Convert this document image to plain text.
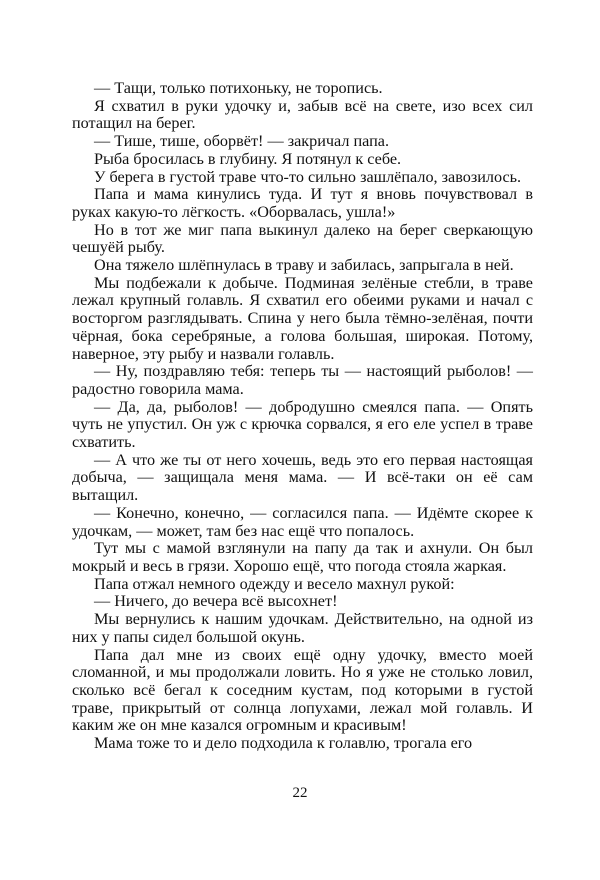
— Тащи, только потихоньку, не торопись.

Я схватил в руки удочку и, забыв всё на свете, изо всех сил потащил на берег.

— Тише, тише, оборвёт! — закричал папа.

Рыба бросилась в глубину. Я потянул к себе.

У берега в густой траве что-то сильно зашлёпало, завозилось.

Папа и мама кинулись туда. И тут я вновь почувствовал в руках какую-то лёгкость. «Оборвалась, ушла!»

Но в тот же миг папа выкинул далеко на берег сверкающую чешуёй рыбу.

Она тяжело шлёпнулась в траву и забилась, запрыгала в ней.

Мы подбежали к добыче. Подминая зелёные стебли, в траве лежал крупный голавль. Я схватил его обеими руками и начал с восторгом разглядывать. Спина у него была тёмно-зелёная, почти чёрная, бока серебряные, а голова большая, широкая. Потому, наверное, эту рыбу и назвали голавль.

— Ну, поздравляю тебя: теперь ты — настоящий рыболов! — радостно говорила мама.

— Да, да, рыболов! — добродушно смеялся папа. — Опять чуть не упустил. Он уж с крючка сорвался, я его еле успел в траве схватить.

— А что же ты от него хочешь, ведь это его первая настоящая добыча, — защищала меня мама. — И всё-таки он её сам вытащил.

— Конечно, конечно, — согласился папа. — Идёмте скорее к удочкам, — может, там без нас ещё что попалось.

Тут мы с мамой взглянули на папу да так и ахнули. Он был мокрый и весь в грязи. Хорошо ещё, что погода стояла жаркая.

Папа отжал немного одежду и весело махнул рукой:

— Ничего, до вечера всё высохнет!

Мы вернулись к нашим удочкам. Действительно, на одной из них у папы сидел большой окунь.

Папа дал мне из своих ещё одну удочку, вместо моей сломанной, и мы продолжали ловить. Но я уже не столько ловил, сколько всё бегал к соседним кустам, под которыми в густой траве, прикрытый от солнца лопухами, лежал мой голавль. И каким же он мне казался огромным и красивым!

Мама тоже то и дело подходила к голавлю, трогала его

22
